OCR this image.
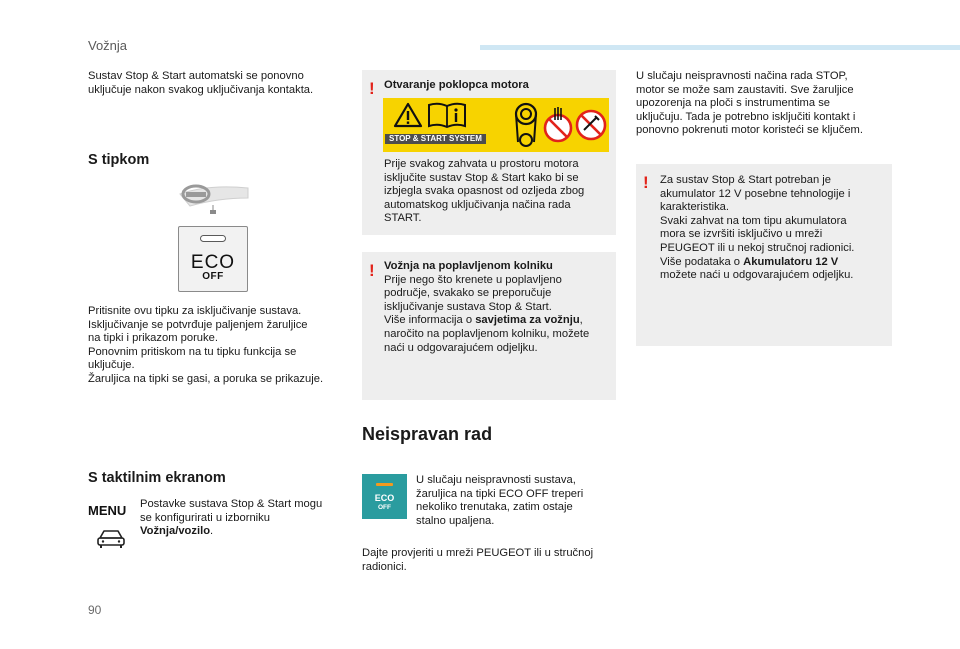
Vožnja
Sustav Stop & Start automatski se ponovno uključuje nakon svakog uključivanja kontakta.
S tipkom
ECO
OFF
Pritisnite ovu tipku za isključivanje sustava.
Isključivanje se potvrđuje paljenjem žaruljice
na tipki i prikazom poruke.
Ponovnim pritiskom na tu tipku funkcija se
uključuje.
Žaruljica na tipki se gasi, a poruka se prikazuje.
S taktilnim ekranom
MENU Postavke sustava Stop & Start mogu se konfigurirati u izborniku Vožnja/vozilo.
90
! Otvaranje poklopca motora
STOP & START SYSTEM
Prije svakog zahvata u prostoru motora
isključite sustav Stop & Start kako bi se
izbjegla svaka opasnost od ozljeda zbog
automatskog uključivanja načina rada
START.
! Vožnja na poplavljenom kolniku
Prije nego što krenete u poplavljeno
područje, svakako se preporučuje
isključivanje sustava Stop & Start.
Više informacija o savjetima za vožnju,
naročito na poplavljenom kolniku, možete
naći u odgovarajućem odjeljku.
Neispravan rad
ECO
OFF
U slučaju neispravnosti sustava,
žaruljica na tipki ECO OFF treperi
nekoliko trenutaka, zatim ostaje
stalno upaljena.
Dajte provjeriti u mreži PEUGEOT ili u stručnoj
radionici.
U slučaju neispravnosti načina rada STOP,
motor se može sam zaustaviti. Sve žaruljice
upozorenja na ploči s instrumentima se
uključuju. Tada je potrebno isključiti kontakt i
ponovno pokrenuti motor koristeći se ključem.
! Za sustav Stop & Start potreban je
akumulator 12 V posebne tehnologije i
karakteristika.
Svaki zahvat na tom tipu akumulatora
mora se izvršiti isključivo u mreži
PEUGEOT ili u nekoj stručnoj radionici.
Više podataka o Akumulatoru 12 V
možete naći u odgovarajućem odjeljku.
